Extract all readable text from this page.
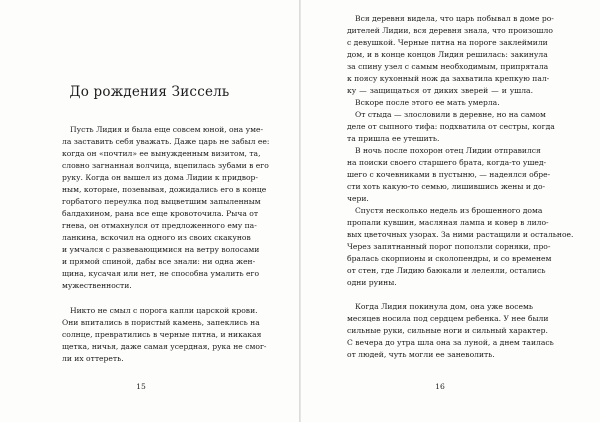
До рождения Зиссель
Пусть Лидия и была еще совсем юной, она уме-
ла заставить себя уважать. Даже царь не забыл ее:
когда он «почтил» ее вынужденным визитом, та,
словно загнанная волчица, вцепилась зубами в его
руку. Когда он вышел из дома Лидии к придвор-
ным, которые, позевывая, дожидались его в конце
горбатого переулка под выцветшим запыленным
балдахином, рана все еще кровоточила. Рыча от
гнева, он отмахнулся от предложенного ему па-
ланкина, вскочил на одного из своих скакунов
и умчался с развевающимися на ветру волосами
и прямой спиной, дабы все знали: ни одна жен-
щина, кусачая или нет, не способна умалить его
мужественности.
Никто не смыл с порога капли царской крови.
Они впитались в пористый камень, запеклись на
солнце, превратились в черные пятна, и никакая
щетка, ничья, даже самая усердная, рука не смог-
ли их оттереть.
15
Вся деревня видела, что царь побывал в доме ро-
дителей Лидии, вся деревня знала, что произошло
с девушкой. Черные пятна на пороге заклеймили
дом, и в конце концов Лидия решилась: закинула
за спину узел с самым необходимым, припрятала
к поясу кухонный нож да захватила крепкую пал-
ку — защищаться от диких зверей — и ушла.
Вскоре после этого ее мать умерла.
От стыда — злословили в деревне, но на самом
деле от сыпного тифа: подхватила от сестры, когда
та пришла ее утешить.
В ночь после похорон отец Лидии отправился
на поиски своего старшего брата, когда-то ушед-
шего с кочевниками в пустыню, — надеялся обре-
сти хоть какую-то семью, лишившись жены и до-
чери.
Спустя несколько недель из брошенного дома
пропали кувшин, масляная лампа и ковер в лило-
вых цветочных узорах. За ними растащили и остальное.
Через запятнанный порог поползли сорняки, про-
бралась скорпионы и сколопендры, и со временем
от стен, где Лидию баюкали и лелеяли, остались
одни руины.
Когда Лидия покинула дом, она уже восемь
месяцев носила под сердцем ребенка. У нее были
сильные руки, сильные ноги и сильный характер.
С вечера до утра шла она за луной, а днем таилась
от людей, чуть могли ее заневолить.
16
